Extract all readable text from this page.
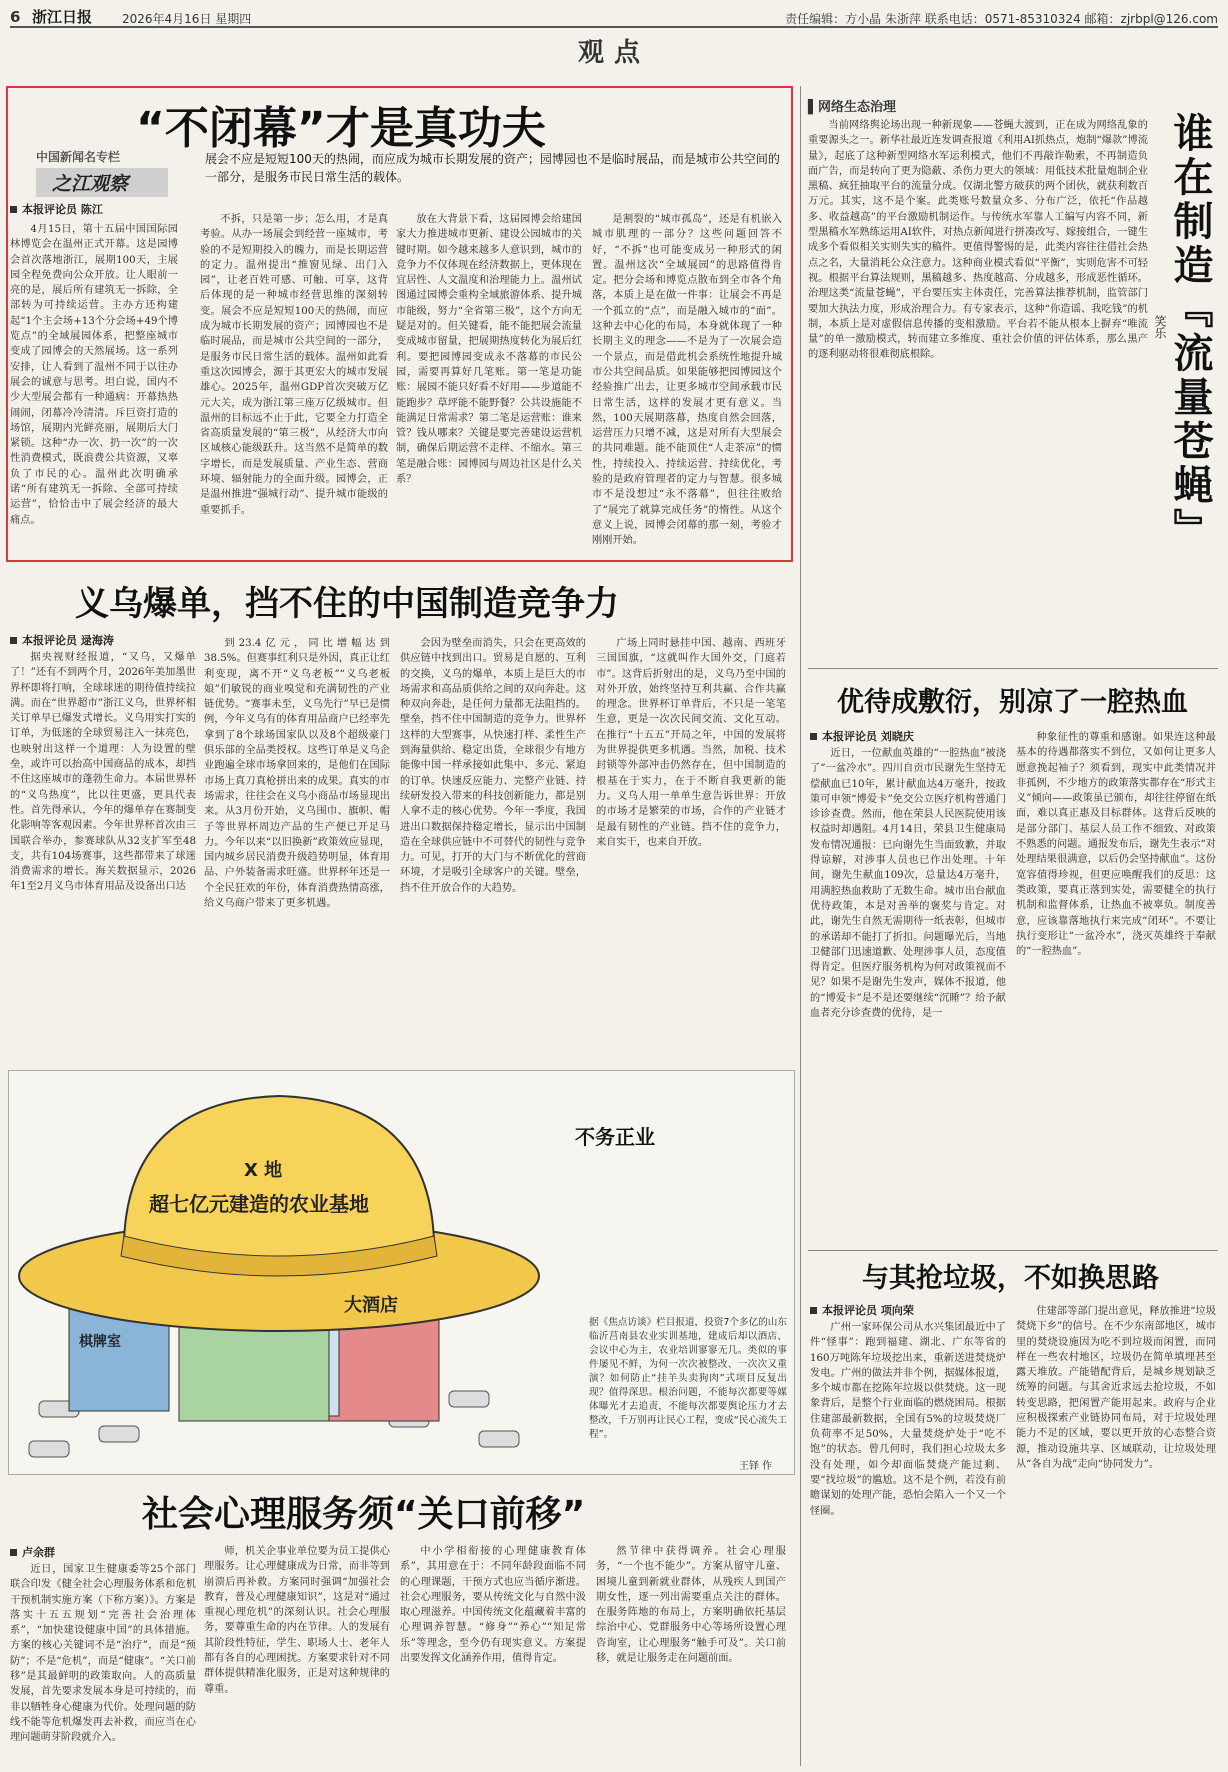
6 浙江日报 2026年4月16日 星期四	责任编辑：方小晶 朱浙萍 联系电话：0571-85310324 邮箱：zjrbpl@126.com
观点
“不闭幕”才是真功夫
中国新闻名专栏
之江观察
本报评论员 陈江
展会不应是短短100天的热闹，而应成为城市长期发展的资产；园博园也不是临时展品，而是城市公共空间的一部分，是服务市民日常生活的载体。

4月15日，第十五届中国国际园林博览会在温州正式开幕。这是园博会首次落地浙江，展期100天，主展园全程免费向公众开放。让人眼前一亮的是，展后所有建筑无一拆除，全部转为可持续运营。主办方还构建起“1个主会场+13个分会场+49个博览点”的全域展园体系，把整座城市变成了园博会的天然展场。这一系列安排，让人看到了温州不同于以往办展会的诚意与思考。坦白说，国内不少大型展会都有一种通病：开幕热热闹闹，闭幕冷冷清清。斥巨资打造的场馆，展期内光鲜亮丽，展期后大门紧锁。这种“办一次、扔一次”的一次性消费模式，既浪费公共资源，又辜负了市民的心。温州此次明确承诺“所有建筑无一拆除、全部可持续运营”，恰恰击中了展会经济的最大痛点。

不拆，只是第一步；怎么用，才是真考验。从办一场展会到经营一座城市，考验的不是短期投入的魄力，而是长期运营的定力。温州提出“推窗见绿、出门入园”，让老百姓可感、可触、可享，这背后体现的是一种城市经营思维的深刻转变。展会不应是短短100天的热闹，而应成为城市长期发展的资产；园博园也不是临时展品，而是城市公共空间的一部分，是服务市民日常生活的载体。温州如此看重这次园博会，源于其更宏大的城市发展雄心。2025年，温州GDP首次突破万亿元大关，成为浙江第三座万亿级城市。但温州的目标远不止于此，它要全力打造全省高质量发展的“第三极”，从经济大市向区域核心能级跃升。这当然不是简单的数字增长，而是发展质量、产业生态、营商环境、辐射能力的全面升级。园博会，正是温州推进“强城行动”、提升城市能级的重要抓手。

放在大背景下看，这届园博会给建国家大力推进城市更新、建设公园城市的关键时期。如今越来越多人意识到，城市的竞争力不仅体现在经济数据上，更体现在宜居性、人文温度和治理能力上。温州试图通过园博会重构全域旅游体系、提升城市能级，努力“全省第三极”，这个方向无疑是对的。但关键看，能不能把展会流量变成城市留量，把展期热度转化为展后红利。要把园博园变成永不落幕的市民公园，需要再算好几笔账。第一笔是功能账：展园不能只好看不好用——步道能不能跑步？草坪能不能野餐？公共设施能不能满足日常需求？第二笔是运营账：谁来管？钱从哪来？关键是要完善建设运营机制，确保后期运营不走样、不缩水。第三笔是融合账：园博园与周边社区是什么关系？

是割裂的“城市孤岛”，还是有机嵌入城市肌理的一部分？这些问题回答不好，“不拆”也可能变成另一种形式的闲置。温州这次“全域展园”的思路值得肯定。把分会场和博览点散布到全市各个角落，本质上是在做一件事：让展会不再是一个孤立的“点”，而是融入城市的“面”。这种去中心化的布局，本身就体现了一种长期主义的理念——不是为了一次展会造一个景点，而是借此机会系统性地提升城市公共空间品质。如果能够把园博园这个经验推广出去，让更多城市空间承载市民日常生活，这样的发展才更有意义。当然，100天展期落幕，热度自然会回落，运营压力只增不减，这是对所有大型展会的共同难题。能不能顶住“人走茶凉”的惯性，持续投入、持续运营、持续优化，考验的是政府管理者的定力与智慧。很多城市不是没想过“永不落幕”，但往往败给了“展完了就算完成任务”的惰性。从这个意义上说，园博会闭幕的那一刻，考验才刚刚开始。

▌网络生态治理

当前网络舆论场出现一种新现象——苍蝇大渡到，正在成为网络乱象的重要源头之一。新华社最近连发调查报道《利用AI抓热点，炮制“爆款”博流量》，起底了这种新型网络水军运利模式，他们不再敲诈勒索，不再制造负面广告，而是转向了更为隐蔽、杀伤力更大的领域：用低技术批量炮制企业黑稿、疯狂抽取平台的流量分成。仅湖北警方破获的两个团伙，就获利数百万元。其实，这不是个案。此类账号数量众多、分布广泛，依托“作品越多、收益越高”的平台激励机制运作。与传统水军靠人工编写内容不同，新型黑稿水军熟练运用AI软件，对热点新闻进行拼凑改写、嫁接组合，一键生成多个看似相关实则失实的稿件。更值得警惕的是，此类内容往往借社会热点之名，大量消耗公众注意力。这种商业模式看似“平衡”，实则危害不可轻视。根据平台算法规则，黑稿越多、热度越高、分成越多，形成恶性循环。治理这类“流量苍蝇”，平台要压实主体责任，完善算法推荐机制，监管部门要加大执法力度，形成治理合力。有专家表示，这种“你造谣、我吃钱”的机制，本质上是对虚假信息传播的变相激励。平台若不能从根本上摒弃“唯流量”的单一激励模式，转而建立多维度、重社会价值的评估体系，那么黑产的逐利驱动将很难彻底根除。	谁在制造『流量苍蝇』
笑乐
义乌爆单，挡不住的中国制造竞争力
本报评论员 逯海涛

据央视财经报道，“又乌，又爆单了！”还有不到两个月，2026年美加墨世界杯即将打响，全球球迷的期待值持续拉满。而在“世界超市”浙江义乌，世界杯相关订单早已爆发式增长。义乌用实打实的订单，为低迷的全球贸易注入一抹亮色，也映射出这样一个道理：人为设置的壁垒，或许可以抬高中国商品的成本，却挡不住这座城市的蓬勃生命力。本届世界杯的“义乌热度”，比以往更盛，更具代表性。首先得承认，今年的爆单存在赛制变化影响等客观因素。今年世界杯首次由三国联合举办，参赛球队从32支扩军至48支，共有104场赛事，这些都带来了球迷消费需求的增长。海关数据显示，2026年1至2月义乌市体育用品及设备出口达

到23.4亿元，同比增幅达到38.5%。但赛事红利只是外因，真正让红利变现，离不开“义乌老板”“义乌老板娘”们敏锐的商业嗅觉和充满韧性的产业链优势。“赛事未至，义乌先行”早已是惯例，今年义乌有的体育用品商户已经率先拿到了8个球场国家队以及8个超级豪门俱乐部的全品类授权。这些订单是义乌企业跑遍全球市场拿回来的，是他们在国际市场上真刀真枪拼出来的成果。真实的市场需求，往往会在义乌小商品市场显现出来。从3月份开始，义乌围巾、旗帜、帽子等世界杯周边产品的生产便已开足马力。今年以来“以旧换新”政策效应显现，国内城乡居民消费升级趋势明显，体育用品、户外装备需求旺盛。世界杯年还是一个全民狂欢的年份，体育消费热情高涨，给义乌商户带来了更多机遇。

会因为壁垒而消失，只会在更高效的供应链中找到出口。贸易是自愿的、互利的交换，义乌的爆单，本质上是巨大的市场需求和高品质供给之间的双向奔赴。这种双向奔赴，是任何力量都无法阻挡的。壁垒，挡不住中国制造的竞争力。世界杯这样的大型赛事，从快速打样、柔性生产到海量供给、稳定出货，全球很少有地方能像中国一样承接如此集中、多元、紧迫的订单。快速反应能力、完整产业链、持续研发投入带来的科技创新能力，都是别人拿不走的核心优势。今年一季度，我国进出口数据保持稳定增长，显示出中国制造在全球供应链中不可替代的韧性与竞争力。可见，打开的大门与不断优化的营商环境，才是吸引全球客户的关键。壁垒，挡不住开放合作的大趋势。

广场上同时悬挂中国、越南、西班牙三国国旗，“这就叫作大国外交，门庭若市”。这背后折射出的是，义乌乃至中国的对外开放，始终坚持互利共赢、合作共赢的理念。世界杯订单背后，不只是一笔笔生意，更是一次次民间交流、文化互动。在推行“十五五”开局之年，中国的发展将为世界提供更多机遇。当然，加税、技术封锁等外部冲击仍然存在，但中国制造的根基在于实力，在于不断自我更新的能力。义乌人用一单单生意告诉世界：开放的市场才是繁荣的市场，合作的产业链才是最有韧性的产业链。挡不住的竞争力，来自实干，也来自开放。

X 地
超七亿元建造的农业基地
大酒店
棋牌室
不务正业
据《焦点访谈》栏目报道，投资7个多亿的山东临沂莒南县农业实训基地，建成后却以酒店、会议中心为主，农业培训寥寥无几。类似的事件屡见不鲜，为何一次次被整改、一次次又重演？如何防止“挂羊头卖狗肉”式项目反复出现？值得深思。根治问题，不能每次都要等媒体曝光才去追责，不能每次都要舆论压力才去整改，千万别再让民心工程，变成“民心流失工程”。
王铎 作
优待成敷衍，别凉了一腔热血
本报评论员 刘晓庆

近日，一位献血英雄的“一腔热血”被浇了“一盆冷水”。四川自贡市民谢先生坚持无偿献血已10年，累计献血达4万毫升，按政策可申领“博爱卡”免交公立医疗机构普通门诊诊查费。然而，他在荣县人民医院使用该权益时却遇阻。4月14日，荣县卫生健康局发布情况通报：已向谢先生当面致歉，并取得谅解，对涉事人员也已作出处理。十年间，谢先生献血109次，总量达4万毫升，用满腔热血救助了无数生命。城市出台献血优待政策，本是对善举的褒奖与肯定。对此，谢先生自然无需期待一纸表彰，但城市的承诺却不能打了折扣。问题曝光后，当地卫健部门迅速道歉、处理涉事人员，态度值得肯定。但医疗服务机构为何对政策视而不见？如果不是谢先生发声，媒体不报道，他的“博爱卡”是不是还要继续“沉睡”？给予献血者充分诊查费的优待，是一

种象征性的尊重和感谢。如果连这种最基本的待遇都落实不到位，又如何让更多人愿意挽起袖子？须看到，现实中此类情况并非孤例，不少地方的政策落实都存在“形式主义”倾向——政策虽已颁布，却往往停留在纸面，难以真正惠及目标群体。这背后反映的是部分部门、基层人员工作不细致、对政策不熟悉的问题。通报发布后，谢先生表示“对处理结果很满意，以后仍会坚持献血”。这份宽容值得珍视，但更应唤醒我们的反思：这类政策，要真正落到实处，需要健全的执行机制和监督体系，让热血不被辜负。制度善意，应该靠落地执行来完成“闭环”。不要让执行变形让“一盆冷水”，浇灭英雄终于奉献的“一腔热血”。

与其抢垃圾，不如换思路
本报评论员 项向荣

广州一家环保公司从水兴集团最近中了件“怪事”：跑到福建、湖北、广东等省的160万吨陈年垃圾挖出来，重新送进焚烧炉发电。广州的做法并非个例，据媒体报道，多个城市都在挖陈年垃圾以供焚烧。这一现象背后，是整个行业面临的燃烧困局。根据住建部最新数据，全国有5%的垃圾焚烧厂负荷率不足50%，大量焚烧炉处于“吃不饱”的状态。曾几何时，我们担心垃圾太多没有处理，如今却面临焚烧产能过剩、要“找垃圾”的尴尬。这不是个例，若没有前瞻谋划的处理产能，恐怕会陷入一个又一个怪圈。

住建部等部门提出意见，释放推进“垃圾焚烧下乡”的信号。在不少东南部地区，城市里的焚烧设施因为吃不到垃圾而闲置，而同样在一些农村地区，垃圾仍在简单填埋甚至露天堆放。产能错配背后，是城乡规划缺乏统筹的问题。与其舍近求远去抢垃圾，不如转变思路，把闲置产能用起来。政府与企业应积极探索产业链协同布局，对于垃圾处理能力不足的区域，要以更开放的心态整合资源，推动设施共享、区域联动，让垃圾处理从“各自为战”走向“协同发力”。

社会心理服务须“关口前移”
卢余群

近日，国家卫生健康委等25个部门联合印发《健全社会心理服务体系和危机干预机制实施方案（下称方案）》。方案是落实十五五规划“完善社会治理体系”，“加快建设健康中国”的具体措施。方案的核心关键词不是“治疗”，而是“预防”；不是“危机”，而是“健康”。“关口前移”是其最鲜明的政策取向。人的高质量发展，首先要求发展本身是可持续的，而非以牺牲身心健康为代价。处理问题的防线不能等危机爆发再去补救，而应当在心理问题萌芽阶段就介入。

师，机关企事业单位要为员工提供心理服务。让心理健康成为日常，而非等到崩溃后再补救。方案同时强调“加强社会教育，普及心理健康知识”，这是对“通过重视心理危机”的深刻认识。社会心理服务，要尊重生命的内在节律。人的发展有其阶段性特征，学生、职场人士、老年人都有各自的心理困扰。方案要求针对不同群体提供精准化服务，正是对这种规律的尊重。

中小学相衔接的心理健康教育体系”，其用意在于：不同年龄段面临不同的心理课题，干预方式也应当循序渐进。社会心理服务，要从传统文化与自然中汲取心理滋养。中国传统文化蕴藏着丰富的心理调养智慧。“修身”“养心”“知足常乐”等理念，至今仍有现实意义。方案提出要发挥文化涵养作用，值得肯定。

然节律中获得调养。社会心理服务，“一个也不能少”。方案从留守儿童、困境儿童到新就业群体，从残疾人到国产期女性，逐一列出需要重点关注的群体。在服务阵地的布局上，方案明确依托基层综治中心、党群服务中心等场所设置心理咨询室，让心理服务“触手可及”。关口前移，就是让服务走在问题前面。
